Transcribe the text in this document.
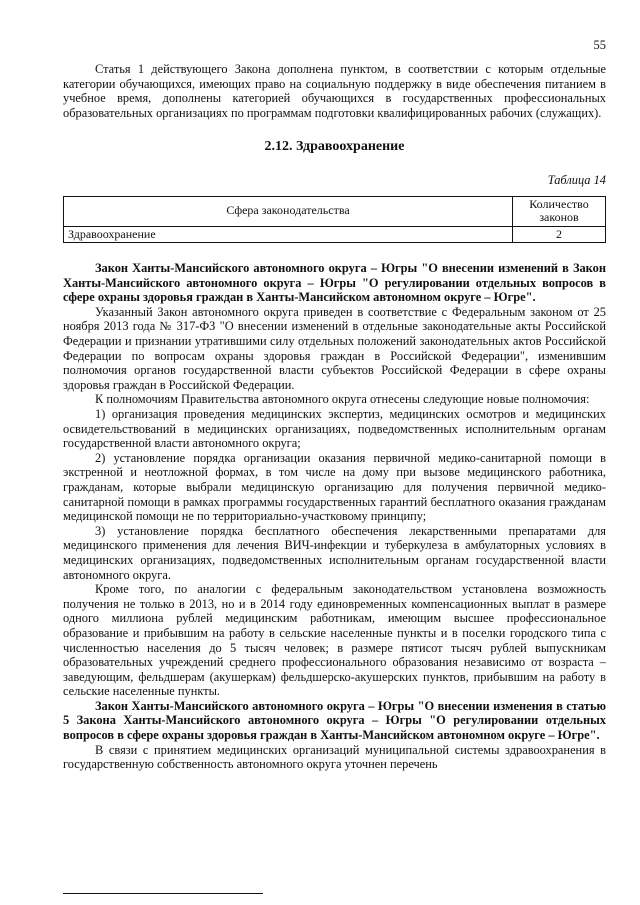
55

Статья 1 действующего Закона дополнена пунктом, в соответствии с которым отдельные категории обучающихся, имеющих право на социальную поддержку в виде обеспечения питанием в учебное время, дополнены категорией обучающихся в государственных профессиональных образовательных организациях по программам подготовки квалифицированных рабочих (служащих).

2.12. Здравоохранение
Таблица 14
Сфера законодательства	Количество законов
Здравоохранение	2

Закон Ханты-Мансийского автономного округа – Югры "О внесении изменений в Закон Ханты-Мансийского автономного округа – Югры "О регулировании отдельных вопросов в сфере охраны здоровья граждан в Ханты-Мансийском автономном округе – Югре".

Указанный Закон автономного округа приведен в соответствие с Федеральным законом от 25 ноября 2013 года № 317-ФЗ "О внесении изменений в отдельные законодательные акты Российской Федерации и признании утратившими силу отдельных положений законодательных актов Российской Федерации по вопросам охраны здоровья граждан в Российской Федерации", изменившим полномочия органов государственной власти субъектов Российской Федерации в сфере охраны здоровья граждан в Российской Федерации.

К полномочиям Правительства автономного округа отнесены следующие новые полномочия:

1) организация проведения медицинских экспертиз, медицинских осмотров и медицинских освидетельствований в медицинских организациях, подведомственных исполнительным органам государственной власти автономного округа;

2) установление порядка организации оказания первичной медико-санитарной помощи в экстренной и неотложной формах, в том числе на дому при вызове медицинского работника, гражданам, которые выбрали медицинскую организацию для получения первичной медико-санитарной помощи в рамках программы государственных гарантий бесплатного оказания гражданам медицинской помощи не по территориально-участковому принципу;

3) установление порядка бесплатного обеспечения лекарственными препаратами для медицинского применения для лечения ВИЧ-инфекции и туберкулеза в амбулаторных условиях в медицинских организациях, подведомственных исполнительным органам государственной власти автономного округа.

Кроме того, по аналогии с федеральным законодательством установлена возможность получения не только в 2013, но и в 2014 году единовременных компенсационных выплат в размере одного миллиона рублей медицинским работникам, имеющим высшее профессиональное образование и прибывшим на работу в сельские населенные пункты и в поселки городского типа с численностью населения до 5 тысяч человек; в размере пятисот тысяч рублей выпускникам образовательных учреждений среднего профессионального образования независимо от возраста – заведующим, фельдшерам (акушеркам) фельдшерско-акушерских пунктов, прибывшим на работу в сельские населенные пункты.

Закон Ханты-Мансийского автономного округа – Югры "О внесении изменения в статью 5 Закона Ханты-Мансийского автономного округа – Югры "О регулировании отдельных вопросов в сфере охраны здоровья граждан в Ханты-Мансийском автономном округе – Югре".

В связи с принятием медицинских организаций муниципальной системы здравоохранения в государственную собственность автономного округа уточнен перечень
